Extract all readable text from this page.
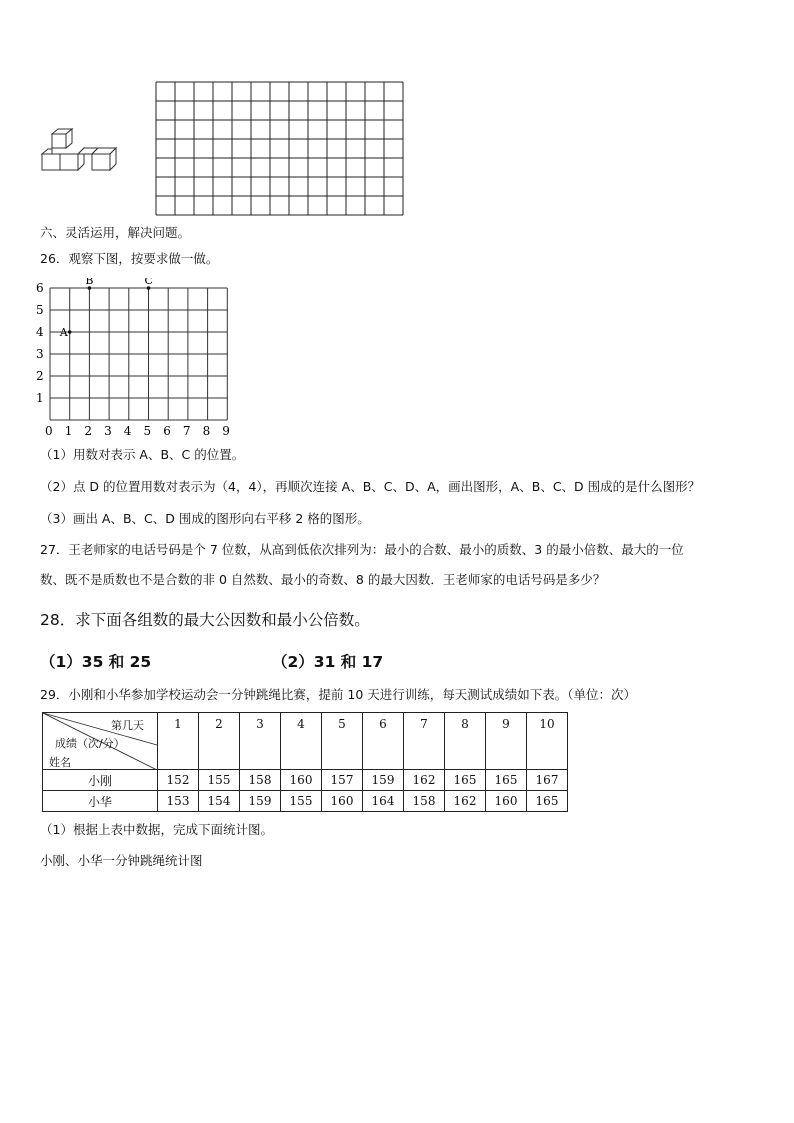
六、灵活运用，解决问题。
26．观察下图，按要求做一做。
0 1 2 3 4 5 6 7 8 9
1
2
3
4
5
6
A
B	C
（1）用数对表示 A、B、C 的位置。
（2）点 D 的位置用数对表示为（4，4），再顺次连接 A、B、C、D、A，画出图形，A、B、C、D 围成的是什么图形？
（3）画出 A、B、C、D 围成的图形向右平移 2 格的图形。
27．王老师家的电话号码是个 7 位数，从高到低依次排列为：最小的合数、最小的质数、3 的最小倍数、最大的一位
数、既不是质数也不是合数的非 0 自然数、最小的奇数、8 的最大因数．王老师家的电话号码是多少？
28．求下面各组数的最大公因数和最小公倍数。
（1）35 和 25	（2）31 和 17
29．小刚和小华参加学校运动会一分钟跳绳比赛，提前 10 天进行训练，每天测试成绩如下表。（单位：次）
第几天
成绩（次/分）
姓名	1	2	3	4	5	6	7	8	9	10
小刚	152	155	158	160	157	159	162	165	165	167
小华	153	154	159	155	160	164	158	162	160	165
（1）根据上表中数据，完成下面统计图。
小刚、小华一分钟跳绳统计图
